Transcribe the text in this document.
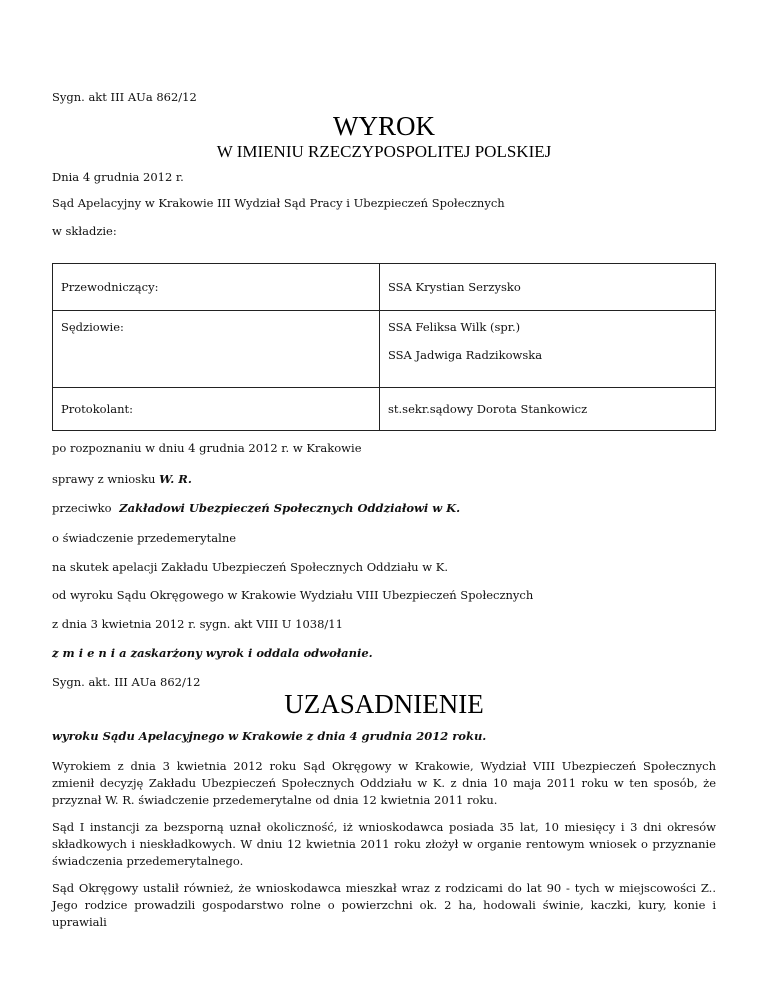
Sygn. akt III AUa 862/12
WYROK
W IMIENIU RZECZYPOSPOLITEJ POLSKIEJ
Dnia 4 grudnia 2012 r.
Sąd Apelacyjny w Krakowie III Wydział Sąd Pracy i Ubezpieczeń Społecznych
w składzie:
Przewodniczący:	SSA Krystian Serzysko

Sędziowie:	SSA Feliksa Wilk (spr.)
SSA Jadwiga Radzikowska

Protokolant:	st.sekr.sądowy Dorota Stankowicz
po rozpoznaniu w dniu 4 grudnia 2012 r. w Krakowie
sprawy z wniosku W. R.
przeciwko Zakładowi Ubezpieczeń Społecznych Oddziałowi w K.
o świadczenie przedemerytalne
na skutek apelacji Zakładu Ubezpieczeń Społecznych Oddziału w K.
od wyroku Sądu Okręgowego w Krakowie Wydziału VIII Ubezpieczeń Społecznych
z dnia 3 kwietnia 2012 r. sygn. akt VIII U 1038/11
z m i e n i a zaskarżony wyrok i oddala odwołanie.
Sygn. akt. III AUa 862/12
UZASADNIENIE
wyroku Sądu Apelacyjnego w Krakowie z dnia 4 grudnia 2012 roku.
Wyrokiem z dnia 3 kwietnia 2012 roku Sąd Okręgowy w Krakowie, Wydział VIII Ubezpieczeń Społecznych zmienił decyzję Zakładu Ubezpieczeń Społecznych Oddziału w K. z dnia 10 maja 2011 roku w ten sposób, że przyznał W. R. świadczenie przedemerytalne od dnia 12 kwietnia 2011 roku.
Sąd I instancji za bezsporną uznał okoliczność, iż wnioskodawca posiada 35 lat, 10 miesięcy i 3 dni okresów składkowych i nieskładkowych. W dniu 12 kwietnia 2011 roku złożył w organie rentowym wniosek o przyznanie świadczenia przedemerytalnego.
Sąd Okręgowy ustalił również, że wnioskodawca mieszkał wraz z rodzicami do lat 90 - tych w miejscowości Z.. Jego rodzice prowadzili gospodarstwo rolne o powierzchni ok. 2 ha, hodowali świnie, kaczki, kury, konie i uprawiali
